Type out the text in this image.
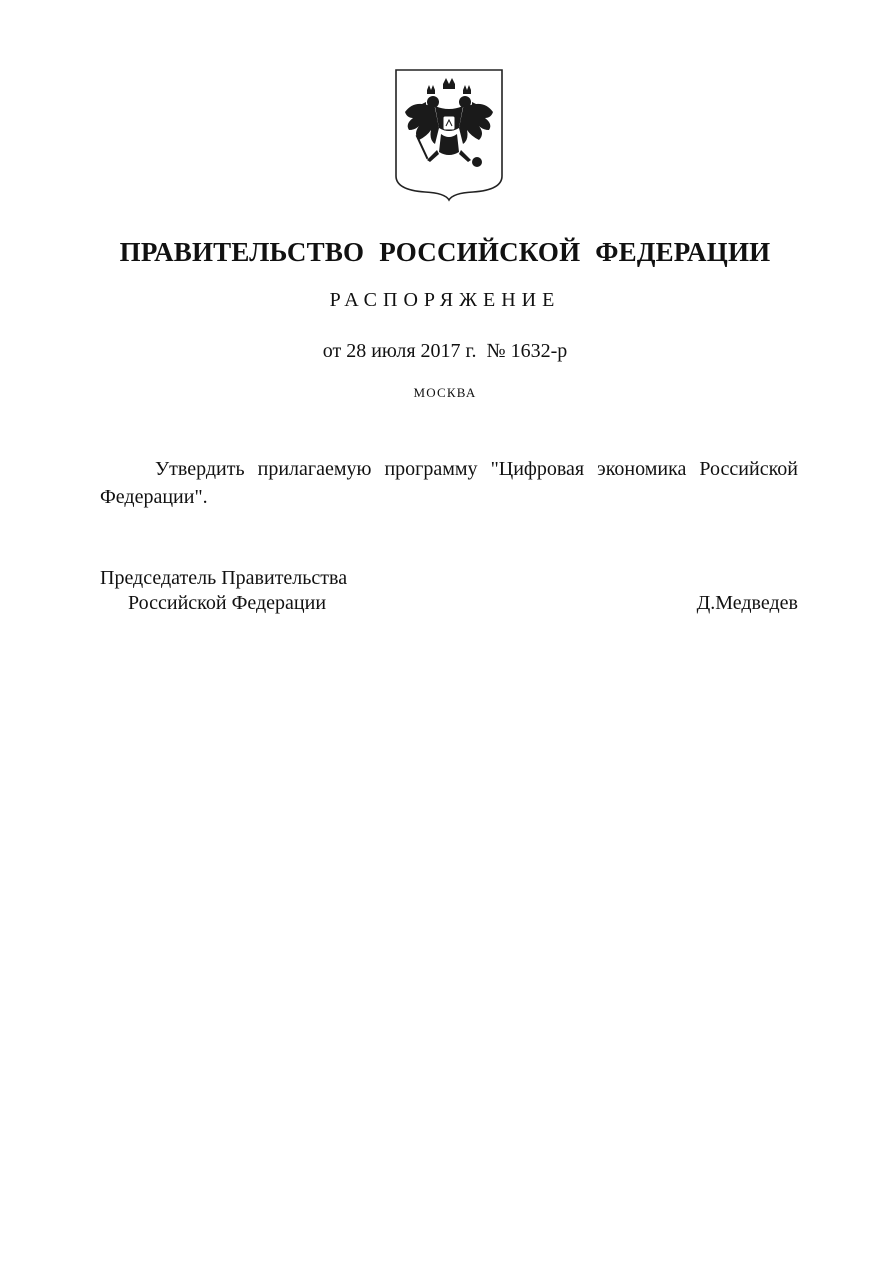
ПРАВИТЕЛЬСТВО РОССИЙСКОЙ ФЕДЕРАЦИИ
РАСПОРЯЖЕНИЕ
от 28 июля 2017 г.  № 1632-р
МОСКВА
Утвердить прилагаемую программу "Цифровая экономика Российской Федерации".
Председатель Правительства
Российской Федерации	Д.Медведев
